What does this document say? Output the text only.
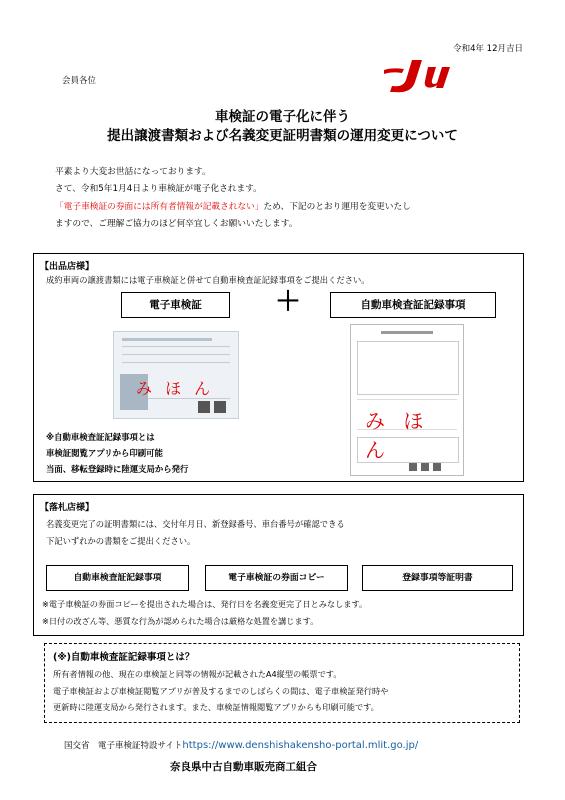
令和4年 12月吉日
会員各位
車検証の電子化に伴う
提出譲渡書類および名義変更証明書類の運用変更について
平素より大変お世話になっております。
さて、令和5年1月4日より車検証が電子化されます。
「電子車検証の券面には所有者情報が記載されない」ため、下記のとおり運用を変更いたし
ますので、ご理解ご協力のほど何卒宜しくお願いいたします。
【出品店様】
成約車両の譲渡書類には電子車検証と併せて自動車検査証記録事項をご提出ください。
電子車検証	＋	自動車検査証記録事項
み ほ ん
み ほ ん
※自動車検査証記録事項とは
車検証閲覧アプリから印刷可能
当面、移転登録時に陸運支局から発行
【落札店様】
名義変更完了の証明書類には、交付年月日、新登録番号、車台番号が確認できる
下記いずれかの書類をご提出ください。
自動車検査証記録事項	電子車検証の券面コピー	登録事項等証明書
※電子車検証の券面コピーを提出された場合は、発行日を名義変更完了日とみなします。
※日付の改ざん等、悪質な行為が認められた場合は厳格な処置を講じます。
(※)自動車検査証記録事項とは？
所有者情報の他、現在の車検証と同等の情報が記載されたA4縦型の帳票です。
電子車検証および車検証閲覧アプリが普及するまでのしばらくの間は、電子車検証発行時や
更新時に陸運支局から発行されます。また、車検証情報閲覧アプリからも印刷可能です。
国交省　電子車検証特設サイトhttps://www.denshishakensho-portal.mlit.go.jp/
奈良県中古自動車販売商工組合
